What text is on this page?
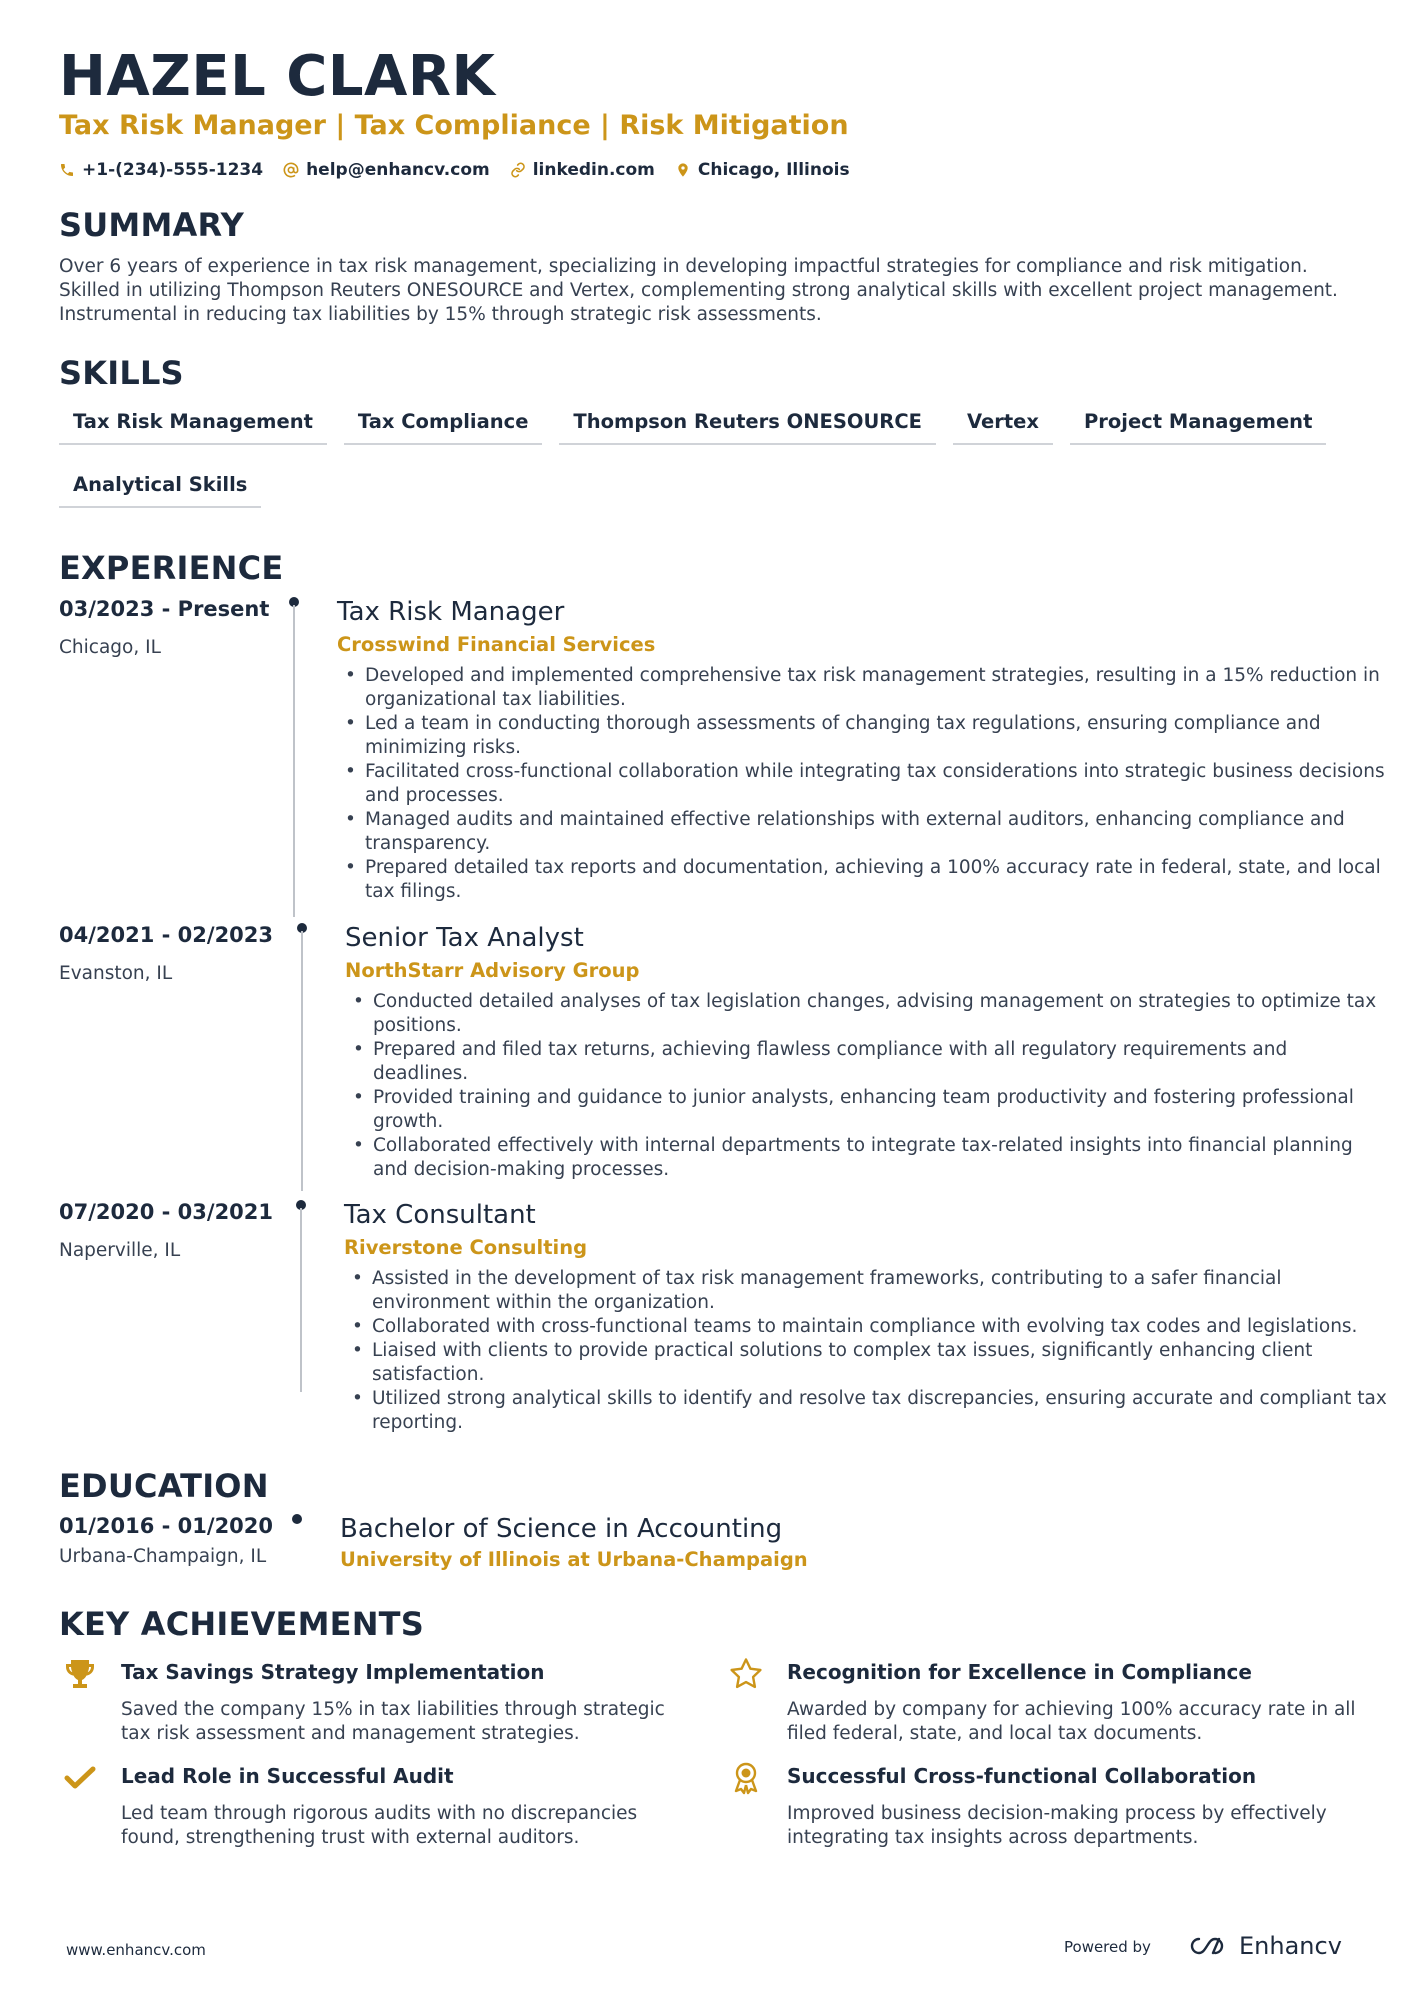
HAZEL CLARK
Tax Risk Manager | Tax Compliance | Risk Mitigation
+1-(234)-555-1234	help@enhancv.com	linkedin.com	Chicago, Illinois
SUMMARY
Over 6 years of experience in tax risk management, specializing in developing impactful strategies for compliance and risk mitigation. Skilled in utilizing Thompson Reuters ONESOURCE and Vertex, complementing strong analytical skills with excellent project management. Instrumental in reducing tax liabilities by 15% through strategic risk assessments.
SKILLS
Tax Risk Management	Tax Compliance	Thompson Reuters ONESOURCE	Vertex	Project Management
Analytical Skills
EXPERIENCE
03/2023 - Present
Chicago, IL
Tax Risk Manager
Crosswind Financial Services
• Developed and implemented comprehensive tax risk management strategies, resulting in a 15% reduction in organizational tax liabilities.
• Led a team in conducting thorough assessments of changing tax regulations, ensuring compliance and minimizing risks.
• Facilitated cross-functional collaboration while integrating tax considerations into strategic business decisions and processes.
• Managed audits and maintained effective relationships with external auditors, enhancing compliance and transparency.
• Prepared detailed tax reports and documentation, achieving a 100% accuracy rate in federal, state, and local tax filings.
04/2021 - 02/2023
Evanston, IL
Senior Tax Analyst
NorthStarr Advisory Group
• Conducted detailed analyses of tax legislation changes, advising management on strategies to optimize tax positions.
• Prepared and filed tax returns, achieving flawless compliance with all regulatory requirements and deadlines.
• Provided training and guidance to junior analysts, enhancing team productivity and fostering professional growth.
• Collaborated effectively with internal departments to integrate tax-related insights into financial planning and decision-making processes.
07/2020 - 03/2021
Naperville, IL
Tax Consultant
Riverstone Consulting
• Assisted in the development of tax risk management frameworks, contributing to a safer financial environment within the organization.
• Collaborated with cross-functional teams to maintain compliance with evolving tax codes and legislations.
• Liaised with clients to provide practical solutions to complex tax issues, significantly enhancing client satisfaction.
• Utilized strong analytical skills to identify and resolve tax discrepancies, ensuring accurate and compliant tax reporting.
EDUCATION
01/2016 - 01/2020
Urbana-Champaign, IL
Bachelor of Science in Accounting
University of Illinois at Urbana-Champaign
KEY ACHIEVEMENTS
Tax Savings Strategy Implementation
Saved the company 15% in tax liabilities through strategic tax risk assessment and management strategies.
Recognition for Excellence in Compliance
Awarded by company for achieving 100% accuracy rate in all filed federal, state, and local tax documents.
Lead Role in Successful Audit
Led team through rigorous audits with no discrepancies found, strengthening trust with external auditors.
Successful Cross-functional Collaboration
Improved business decision-making process by effectively integrating tax insights across departments.
www.enhancv.com	Powered by	Enhancv
